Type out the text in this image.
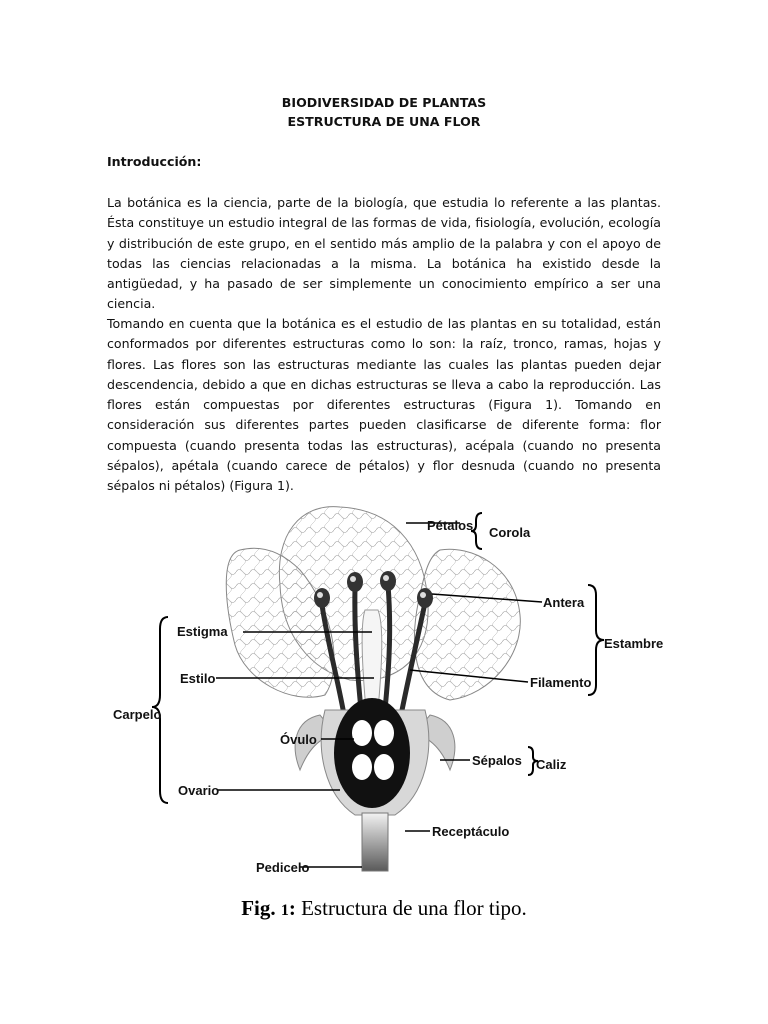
BIODIVERSIDAD DE PLANTAS
ESTRUCTURA DE UNA FLOR
Introducción:
La botánica es la ciencia, parte de la biología, que estudia lo referente a las plantas. Ésta constituye un estudio integral de las formas de vida, fisiología, evolución, ecología y distribución de este grupo, en el sentido más amplio de la palabra y con el apoyo de todas las ciencias relacionadas a la misma. La botánica ha existido desde la antigüedad, y ha pasado de ser simplemente un conocimiento empírico a ser una ciencia.
Tomando en cuenta que la botánica es el estudio de las plantas en su totalidad, están conformados por diferentes estructuras como lo son: la raíz, tronco, ramas, hojas y flores. Las flores son las estructuras mediante las cuales las plantas pueden dejar descendencia, debido a que en dichas estructuras se lleva a cabo la reproducción. Las flores están compuestas por diferentes estructuras (Figura 1). Tomando en consideración sus diferentes partes pueden clasificarse de diferente forma: flor compuesta (cuando presenta todas las estructuras), acépala (cuando no presenta sépalos), apétala (cuando carece de pétalos) y flor desnuda (cuando no presenta sépalos ni pétalos) (Figura 1).
Pétalos Corola
Antera
Estambre
Filamento
Estigma
Estilo
Carpelo
Óvulo
Sépalos Caliz
Ovario
Receptáculo
Pedicelo
Fig. 1: Estructura de una flor tipo.
